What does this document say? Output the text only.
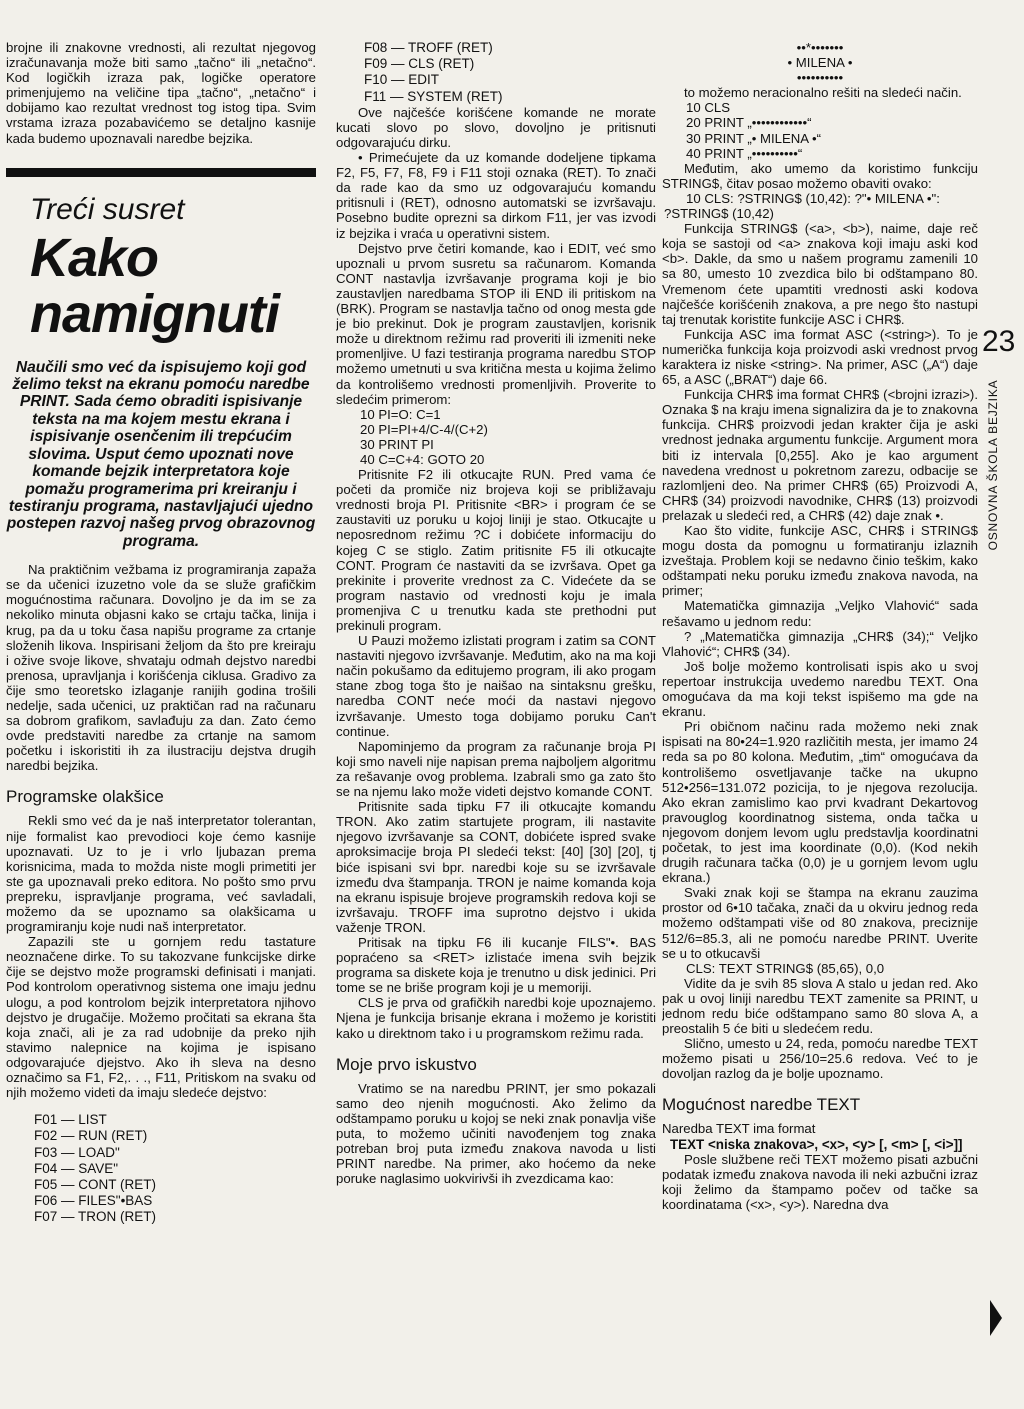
brojne ili znakovne vrednosti, ali rezultat njegovog izračunavanja može biti samo „tačno“ ili „netačno“. Kod logičkih izraza pak, logičke operatore primenjujemo na veličine tipa „tačno“, „netačno“ i dobijamo kao rezultat vrednost tog istog tipa. Svim vrstama izraza pozabavićemo se detaljno kasnije kada budemo upoznavali naredbe bejzika.

Treći susret
Kako
namignuti

Naučili smo već da ispisujemo koji god želimo tekst na ekranu pomoću naredbe PRINT. Sada ćemo obraditi ispisivanje teksta na ma kojem mestu ekrana i ispisivanje osenčenim ili trepćućim slovima. Usput ćemo upoznati nove komande bejzik interpretatora koje pomažu programerima pri kreiranju i testiranju programa, nastavljajući ujedno postepen razvoj našeg prvog obrazovnog programa.

Na praktičnim vežbama iz programiranja zapaža se da učenici izuzetno vole da se služe grafičkim mogućnostima računara. Dovoljno je da im se za nekoliko minuta objasni kako se crtaju tačka, linija i krug, pa da u toku časa napišu programe za crtanje složenih likova. Inspirisani željom da što pre kreiraju i ožive svoje likove, shvataju odmah dejstvo naredbi prenosa, upravljanja i korišćenja ciklusa. Gradivo za čije smo teoretsko izlaganje ranijih godina trošili nedelje, sada učenici, uz praktičan rad na računaru sa dobrom grafikom, savlađuju za dan. Zato ćemo ovde predstaviti naredbe za crtanje na samom početku i iskoristiti ih za ilustraciju dejstva drugih naredbi bejzika.

Programske olakšice

Rekli smo već da je naš interpretator tolerantan, nije formalist kao prevodioci koje ćemo kasnije upoznavati. Uz to je i vrlo ljubazan prema korisnicima, mada to možda niste mogli primetiti jer ste ga upoznavali preko editora. No pošto smo prvu prepreku, ispravljanje programa, već savladali, možemo da se upoznamo sa olakšicama u programiranju koje nudi naš interpretator.

Zapazili ste u gornjem redu tastature neoznačene dirke. To su takozvane funkcijske dirke čije se dejstvo može programski definisati i manjati. Pod kontrolom operativnog sistema one imaju jednu ulogu, a pod kontrolom bejzik interpretatora njihovo dejstvo je drugačije. Možemo pročitati sa ekrana šta koja znači, ali je za rad udobnije da preko njih stavimo nalepnice na kojima je ispisano odgovarajuće djejstvo. Ako ih sleva na desno označimo sa F1, F2,. . ., F11, Pritiskom na svaku od njih možemo videti da imaju sledeće dejstvo:

F01 — LIST
F02 — RUN (RET)
F03 — LOAD"
F04 — SAVE"
F05 — CONT (RET)
F06 — FILES"•BAS
F07 — TRON (RET)
F08 — TROFF (RET)
F09 — CLS (RET)
F10 — EDIT
F11 — SYSTEM (RET)

Ove najčešće korišćene komande ne morate kucati slovo po slovo, dovoljno je pritisnuti odgovarajuću dirku.

• Primećujete da uz komande dodeljene tipkama F2, F5, F7, F8, F9 i F11 stoji oznaka (RET). To znači da rade kao da smo uz odgovarajuću komandu pritisnuli i (RET), odnosno automatski se izvršavaju. Posebno budite oprezni sa dirkom F11, jer vas izvodi iz bejzika i vraća u operativni sistem.

Dejstvo prve četiri komande, kao i EDIT, već smo upoznali u prvom susretu sa računarom. Komanda CONT nastavlja izvršavanje programa koji je bio zaustavljen naredbama STOP ili END ili pritiskom na (BRK). Program se nastavlja tačno od onog mesta gde je bio prekinut. Dok je program zaustavljen, korisnik može u direktnom režimu rad proveriti ili izmeniti neke promenljive. U fazi testiranja programa naredbu STOP možemo umetnuti u sva kritična mesta u kojima želimo da kontrolišemo vrednosti promenljivih. Proverite to sledećim primerom:

10 PI=O: C=1
20 PI=PI+4/C-4/(C+2)
30 PRINT PI
40 C=C+4: GOTO 20

Pritisnite F2 ili otkucajte RUN. Pred vama će početi da promiče niz brojeva koji se približavaju vrednosti broja PI. Pritisnite <BR> i program će se zaustaviti uz poruku u kojoj liniji je stao. Otkucajte u neposrednom režimu ?C i dobićete informaciju do kojeg C se stiglo. Zatim pritisnite F5 ili otkucajte CONT. Program će nastaviti da se izvršava. Opet ga prekinite i proverite vrednost za C. Videćete da se program nastavio od vrednosti koju je imala promenjiva C u trenutku kada ste prethodni put prekinuli program.

U Pauzi možemo izlistati program i zatim sa CONT nastaviti njegovo izvršavanje. Međutim, ako na ma koji način pokušamo da editujemo program, ili ako progam stane zbog toga što je naišao na sintaksnu grešku, naredba CONT neće moći da nastavi njegovo izvršavanje. Umesto toga dobijamo poruku Can't continue.

Napominjemo da program za računanje broja PI koji smo naveli nije napisan prema najboljem algoritmu za rešavanje ovog problema. Izabrali smo ga zato što se na njemu lako može videti dejstvo komande CONT.

Pritisnite sada tipku F7 ili otkucajte komandu TRON. Ako zatim startujete program, ili nastavite njegovo izvršavanje sa CONT, dobićete ispred svake aproksimacije broja PI sledeći tekst: [40] [30] [20], tj biće ispisani svi bpr. naredbi koje su se izvršavale između dva štampanja. TRON je naime komanda koja na ekranu ispisuje brojeve programskih redova koji se izvršavaju. TROFF ima suprotno dejstvo i ukida važenje TRON.

Pritisak na tipku F6 ili kucanje FILS"•. BAS popraćeno sa <RET> izlistaće imena svih bejzik programa sa diskete koja je trenutno u disk jedinici. Pri tome se ne briše program koji je u memoriji.

CLS je prva od grafičkih naredbi koje upoznajemo. Njena je funkcija brisanje ekrana i možemo je koristiti kako u direktnom tako i u programskom režimu rada.

Moje prvo iskustvo

Vratimo se na naredbu PRINT, jer smo pokazali samo deo njenih mogućnosti. Ako želimo da odštampamo poruku u kojoj se neki znak ponavlja više puta, to možemo učiniti navođenjem tog znaka potreban broj puta između znakova navoda u listi PRINT naredbe. Na primer, ako hoćemo da neke poruke naglasimo uokvirivši ih zvezdicama kao:

••*•••••••
• MILENA •
••••••••••

to možemo neracionalno rešiti na sledeći način.

10 CLS
20 PRINT „••••••••••••“
30 PRINT „• MILENA •“
40 PRINT „••••••••••“

Međutim, ako umemo da koristimo funkciju STRING$, čitav posao možemo obaviti ovako:

10 CLS: ?STRING$ (10,42): ?"• MILENA •":
?STRING$ (10,42)

Funkcija STRING$ (<a>, <b>), naime, daje reč koja se sastoji od <a> znakova koji imaju aski kod <b>. Dakle, da smo u našem programu zamenili 10 sa 80, umesto 10 zvezdica bilo bi odštampano 80. Vremenom ćete upamtiti vrednosti aski kodova najčešće korišćenih znakova, a pre nego što nastupi taj trenutak koristite funkcije ASC i CHR$.

Funkcija ASC ima format ASC (<string>). To je numerička funkcija koja proizvodi aski vrednost prvog karaktera iz niske <string>. Na primer, ASC („A“) daje 65, a ASC („BRAT“) daje 66.

Funkcija CHR$ ima format CHR$ (<brojni izrazi>). Oznaka $ na kraju imena signalizira da je to znakovna funkcija. CHR$ proizvodi jedan krakter čija je aski vrednost jednaka argumentu funkcije. Argument mora biti iz intervala [0,255]. Ako je kao argument navedena vrednost u pokretnom zarezu, odbacije se razlomljeni deo. Na primer CHR$ (65) Proizvodi A, CHR$ (34) proizvodi navodnike, CHR$ (13) proizvodi prelazak u sledeći red, a CHR$ (42) daje znak •.

Kao što vidite, funkcije ASC, CHR$ i STRING$ mogu dosta da pomognu u formatiranju izlaznih izveštaja. Problem koji se nedavno činio teškim, kako odštampati neku poruku između znakova navoda, na primer;

Matematička gimnazija „Veljko Vlahović“ sada rešavamo u jednom redu:

? „Matematička gimnazija „CHR$ (34);“ Veljko Vlahović“; CHR$ (34).

Još bolje možemo kontrolisati ispis ako u svoj repertoar instrukcija uvedemo naredbu TEXT. Ona omogućava da ma koji tekst ispišemo ma gde na ekranu.

Pri običnom načinu rada možemo neki znak ispisati na 80•24=1.920 različitih mesta, jer imamo 24 reda sa po 80 kolona. Međutim, „tim“ omogućava da kontrolišemo osvetljavanje tačke na ukupno 512•256=131.072 pozicija, to je njegova rezolucija. Ako ekran zamislimo kao prvi kvadrant Dekartovog pravouglog koordinatnog sistema, onda tačka u njegovom donjem levom uglu predstavlja koordinatni početak, to jest ima koordinate (0,0). (Kod nekih drugih računara tačka (0,0) je u gornjem levom uglu ekrana.)

Svaki znak koji se štampa na ekranu zauzima prostor od 6•10 tačaka, znači da u okviru jednog reda možemo odštampati više od 80 znakova, preciznije 512/6=85.3, ali ne pomoću naredbe PRINT. Uverite se u to otkucavši

CLS: TEXT STRING$ (85,65), 0,0

Vidite da je svih 85 slova A stalo u jedan red. Ako pak u ovoj liniji naredbu TEXT zamenite sa PRINT, u jednom redu biće odštampano samo 80 slova A, a preostalih 5 će biti u sledećem redu.

Slično, umesto u 24, reda, pomoću naredbe TEXT možemo pisati u 256/10=25.6 redova. Već to je dovoljan razlog da je bolje upoznamo.

Mogućnost naredbe TEXT

Naredba TEXT ima format

TEXT <niska znakova>, <x>, <y> [, <m> [, <i>]]

Posle službene reči TEXT možemo pisati azbučni podatak između znakova navoda ili neki azbučni izraz koji želimo da štampamo počev od tačke sa koordinatama (<x>, <y>). Naredna dva

23
OSNOVNA ŠKOLA BEJZIKA
